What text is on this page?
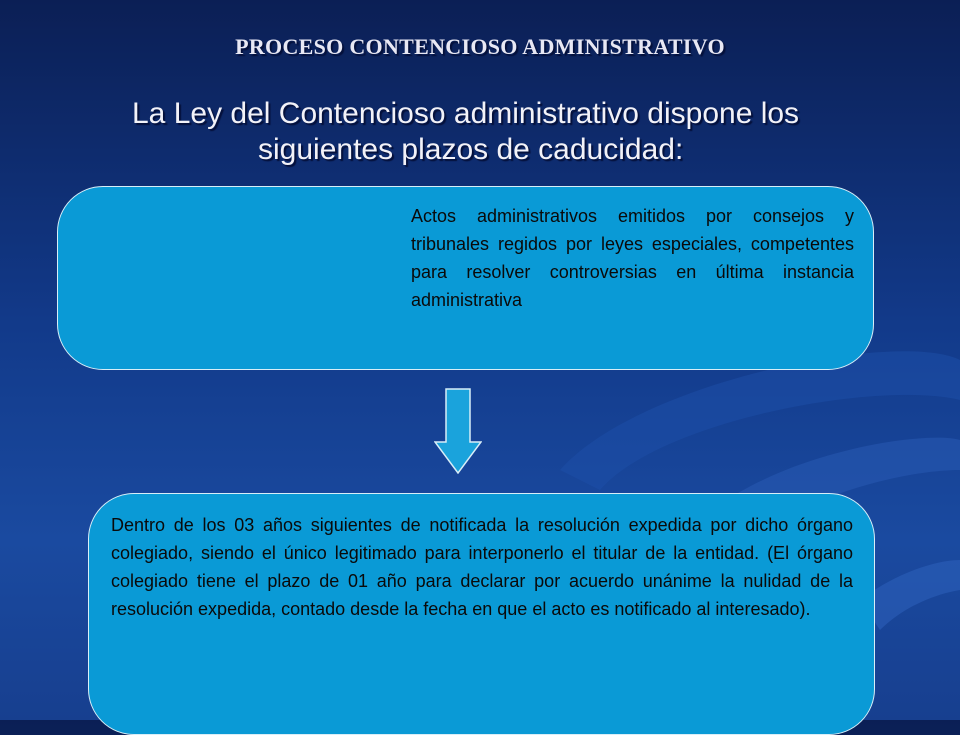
PROCESO CONTENCIOSO ADMINISTRATIVO
La Ley del Contencioso administrativo dispone los
siguientes plazos de caducidad:
Actos administrativos emitidos por consejos y tribunales regidos por leyes especiales, competentes para resolver controversias en última instancia administrativa
Dentro de los 03 años siguientes de notificada la resolución expedida por dicho órgano colegiado, siendo el único legitimado para interponerlo el titular de la entidad. (El órgano colegiado tiene el plazo de 01 año para declarar por acuerdo unánime la nulidad de la resolución expedida, contado desde la fecha en que el acto es notificado al interesado).
